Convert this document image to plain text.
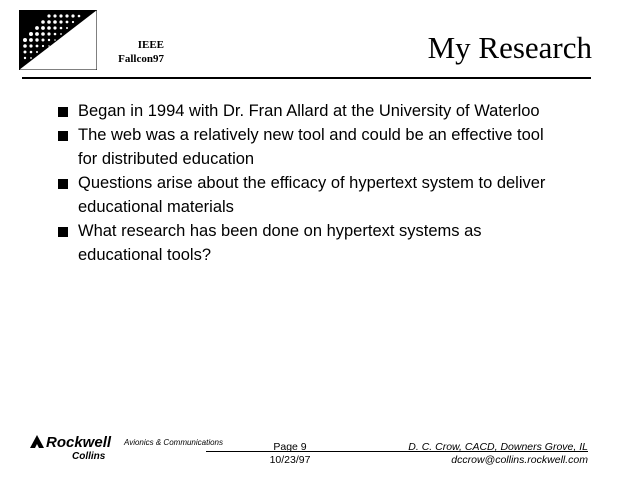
IEEE
Fallcon97	My Research
Began in 1994 with Dr. Fran Allard at the University of Waterloo
The web was a relatively new tool and could be an effective tool
for distributed education
Questions arise about the efficacy of hypertext system to deliver
educational materials
What research has been done on hypertext systems as
educational tools?
Rockwell Avionics & Communications
Collins
Page 9
10/23/97
D. C. Crow, CACD, Downers Grove, IL
dccrow@collins.rockwell.com
